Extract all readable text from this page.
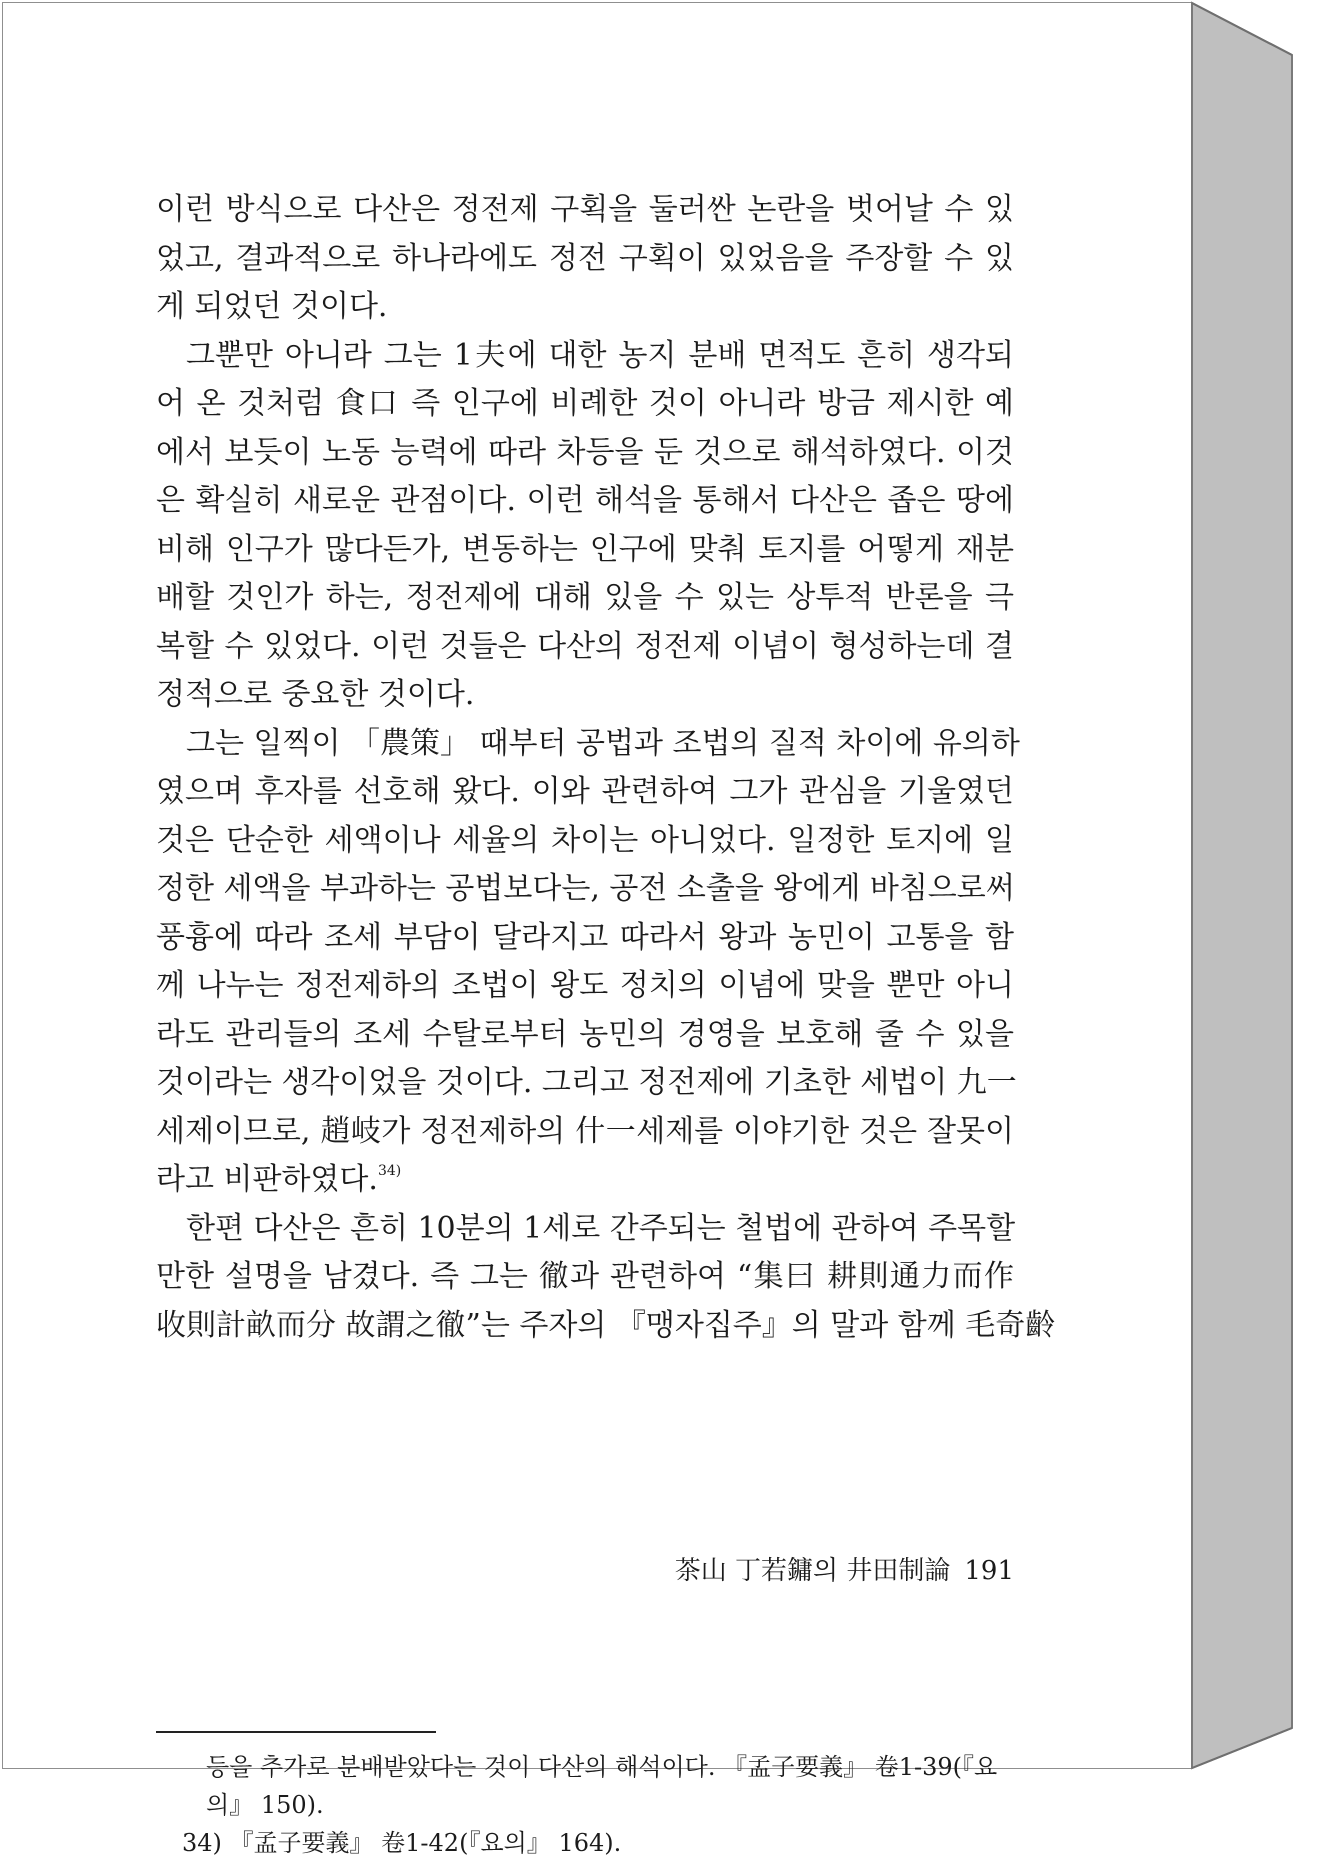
이런 방식으로 다산은 정전제 구획을 둘러싼 논란을 벗어날 수 있
었고, 결과적으로 하나라에도 정전 구획이 있었음을 주장할 수 있
게 되었던 것이다.
그뿐만 아니라 그는 1夫에 대한 농지 분배 면적도 흔히 생각되
어 온 것처럼 食口 즉 인구에 비례한 것이 아니라 방금 제시한 예
에서 보듯이 노동 능력에 따라 차등을 둔 것으로 해석하였다. 이것
은 확실히 새로운 관점이다. 이런 해석을 통해서 다산은 좁은 땅에
비해 인구가 많다든가, 변동하는 인구에 맞춰 토지를 어떻게 재분
배할 것인가 하는, 정전제에 대해 있을 수 있는 상투적 반론을 극
복할 수 있었다. 이런 것들은 다산의 정전제 이념이 형성하는데 결
정적으로 중요한 것이다.
그는 일찍이 「農策」 때부터 공법과 조법의 질적 차이에 유의하
였으며 후자를 선호해 왔다. 이와 관련하여 그가 관심을 기울였던
것은 단순한 세액이나 세율의 차이는 아니었다. 일정한 토지에 일
정한 세액을 부과하는 공법보다는, 공전 소출을 왕에게 바침으로써
풍흉에 따라 조세 부담이 달라지고 따라서 왕과 농민이 고통을 함
께 나누는 정전제하의 조법이 왕도 정치의 이념에 맞을 뿐만 아니
라도 관리들의 조세 수탈로부터 농민의 경영을 보호해 줄 수 있을
것이라는 생각이었을 것이다. 그리고 정전제에 기초한 세법이 九一
세제이므로, 趙岐가 정전제하의 什一세제를 이야기한 것은 잘못이
라고 비판하였다.$^{34)}$
한편 다산은 흔히 10분의 1세로 간주되는 철법에 관하여 주목할
만한 설명을 남겼다. 즉 그는 徹과 관련하여 “集曰 耕則通力而作
收則計畝而分 故謂之徹”는 주자의 『맹자집주』의 말과 함께 毛奇齡
등을 추가로 분배받았다는 것이 다산의 해석이다. 『孟子要義』 卷1-39(『요
의』 150).
34) 『孟子要義』 卷1-42(『요의』 164).
茶山 丁若鏞의 井田制論 191
